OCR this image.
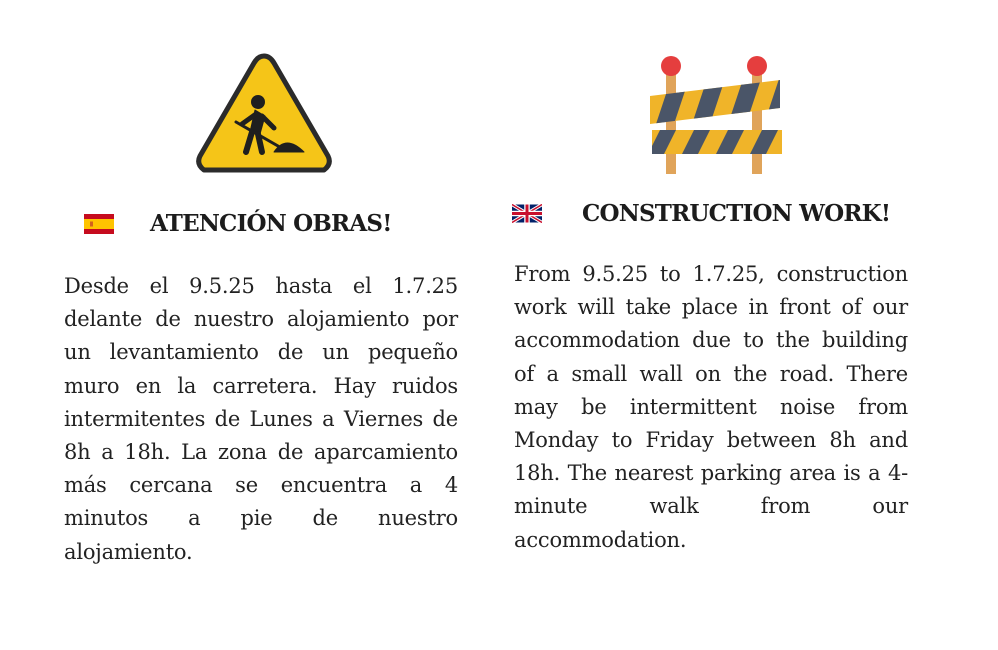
ATENCIÓN OBRAS!	CONSTRUCTION WORK!

Desde el 9.5.25 hasta el 1.7.25 delante de nuestro alojamiento por un levantamiento de un pequeño muro en la carretera. Hay ruidos intermitentes de Lunes a Viernes de 8h a 18h. La zona de aparcamiento más cercana se encuentra a 4 minutos a pie de nuestro alojamiento.

From 9.5.25 to 1.7.25, construction work will take place in front of our accommodation due to the building of a small wall on the road. There may be intermittent noise from Monday to Friday between 8h and 18h. The nearest parking area is a 4-minute walk from our accommodation.
